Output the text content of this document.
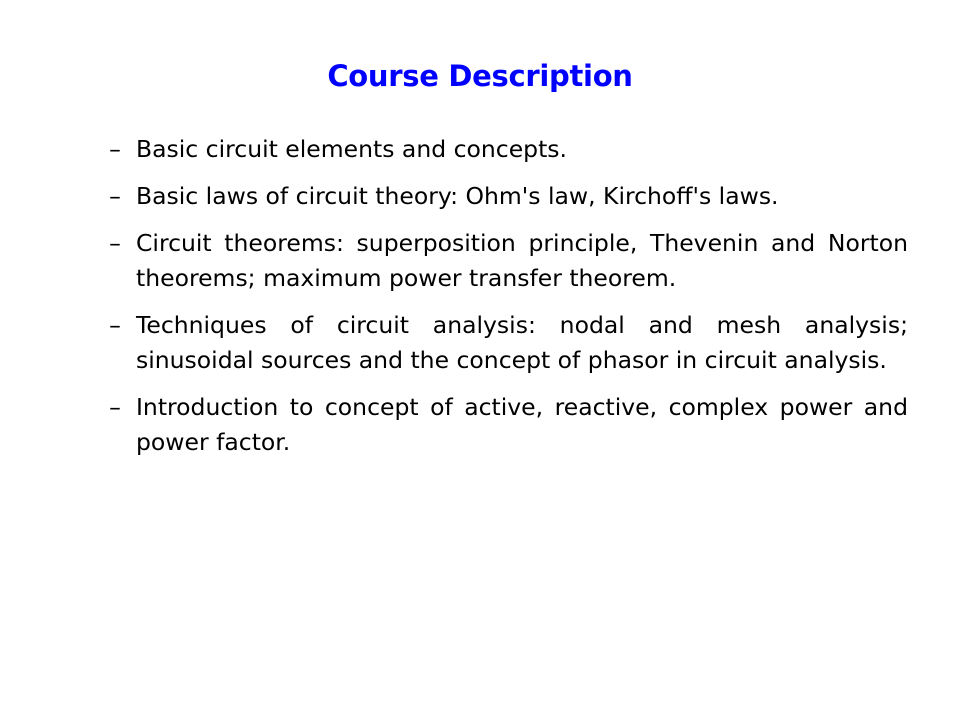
Course Description
– Basic circuit elements and concepts.
– Basic laws of circuit theory: Ohm's law, Kirchoff's laws.
– Circuit theorems: superposition principle, Thevenin and Norton theorems; maximum power transfer theorem.
– Techniques of circuit analysis: nodal and mesh analysis; sinusoidal sources and the concept of phasor in circuit analysis.
– Introduction to concept of active, reactive, complex power and power factor.
